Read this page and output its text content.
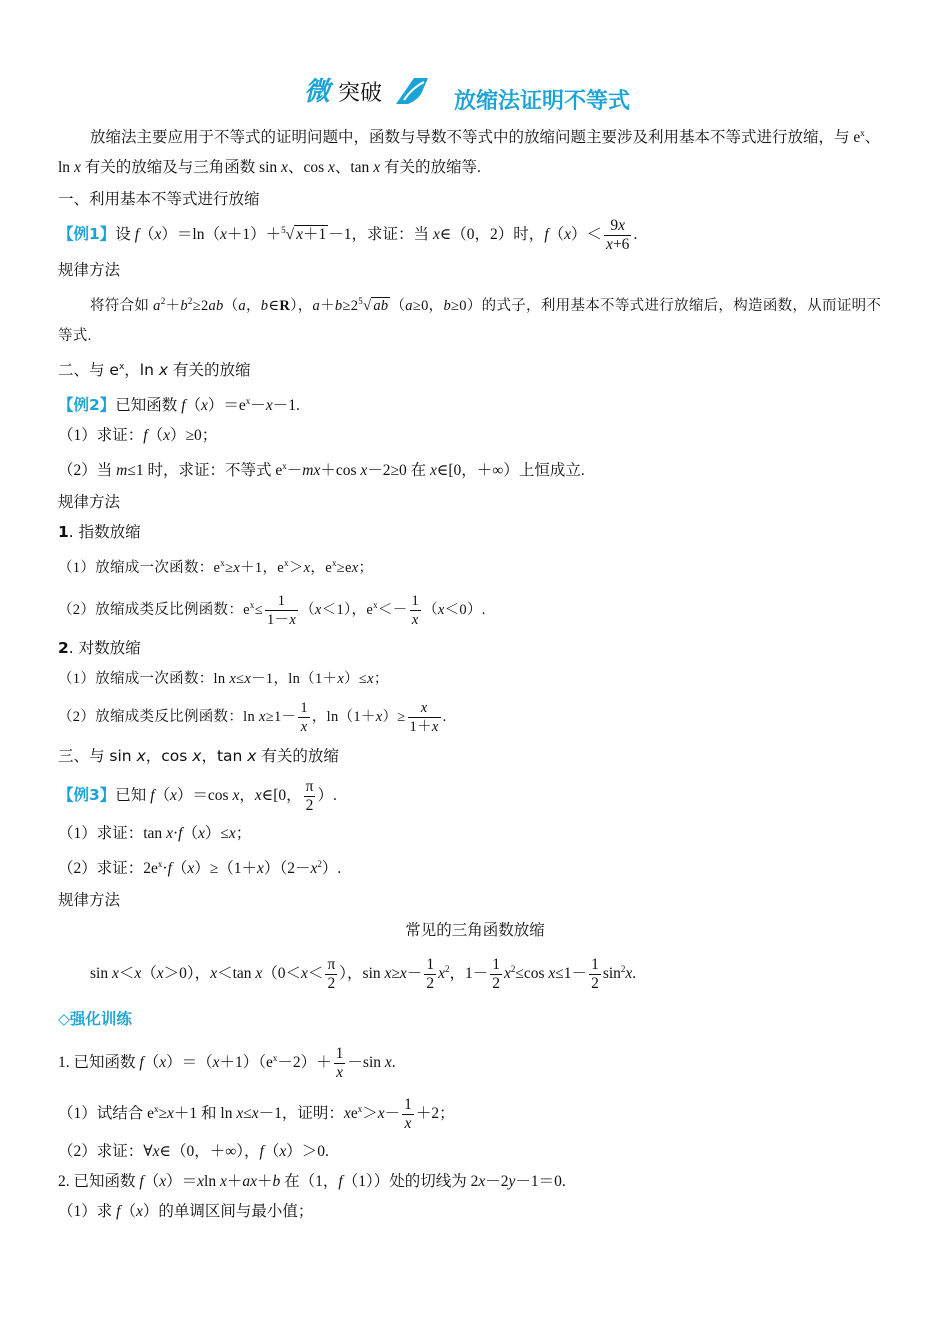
微 突破	放缩法证明不等式

放缩法主要应用于不等式的证明问题中，函数与导数不等式中的放缩问题主要涉及利用基本不等式进行放缩，与 $e^x$、ln x 有关的放缩及与三角函数 sin x、cos x、tan x 有关的放缩等.

一、利用基本不等式进行放缩

【例1】设 f（x）＝ln（x＋1）＋$^5$√ x＋1 －1，求证：当 x∈（0，2）时，$f(x)< \frac{9x}{x+6}$ .

规律方法

将符合如 $a^2+b^2\ge 2ab(a$，b∈R），$a+b\ge 2^5√$ ab （a≥0，b≥0）的式子，利用基本不等式进行放缩后，构造函数，从而证明不等式.

二、与 $e^x$，ln x 有关的放缩

【例2】已知函数 $f(x)=e^x-x-1$.

（1）求证：f（x）≥0；

（2）当 m≤1 时，求证：不等式 $e^x-mx+\cos$ x－2≥0 在 x∈[0，＋∞）上恒成立.

规律方法
1. 指数放缩

（1）放缩成一次函数：$e^x\ge x+1$，$e^x>x$，$e^x\ge ex$；

（2）放缩成类反比例函数：$e^x\le \frac{1}{1-x} (x<1)$，$e^x<- \frac{1}{x} (x<0)$.

2. 对数放缩

（1）放缩成一次函数：ln x≤x－1，ln（1＋x）≤x；

（2）放缩成类反比例函数：$\ln x\ge 1- \frac{1}{x}$ ，$\ln(1+x)\ge \frac{x}{1+x}$ .

三、与 sin x，cos x，tan x 有关的放缩

【例3】已知 f（x）＝cos x，x∈[0， $\frac{\pi}{2}$ ）.

（1）求证：tan x·f（x）≤x；

（2）求证：$2e^x\cdot f(x)\ge(1+x)(2-x^2)$.

规律方法
常见的三角函数放缩

sin x＜x（x＞0），x＜tan $x(0<x< \frac{\pi}{2}$ ），$\sin x\ge x- \frac{1}{2} x^2$，$1- \frac{1}{2} x^2\le\cos$ $x\le 1- \frac{1}{2} \sin^2x$.

◇强化训练

1. 已知函数 $f(x)=(x+1)(e^x-2)+ \frac{1}{x} -\sin$ x.

（1）试结合 $e^x\ge x+1$ 和 ln x≤x－1，证明：$xe^x>x- \frac{1}{x} +2$；

（2）求证：∀x∈（0，＋∞），f（x）＞0.

2. 已知函数 f（x）＝xln x＋ax＋b 在（1，f（1））处的切线为 2x－2y－1＝0.

（1）求 f（x）的单调区间与最小值；
